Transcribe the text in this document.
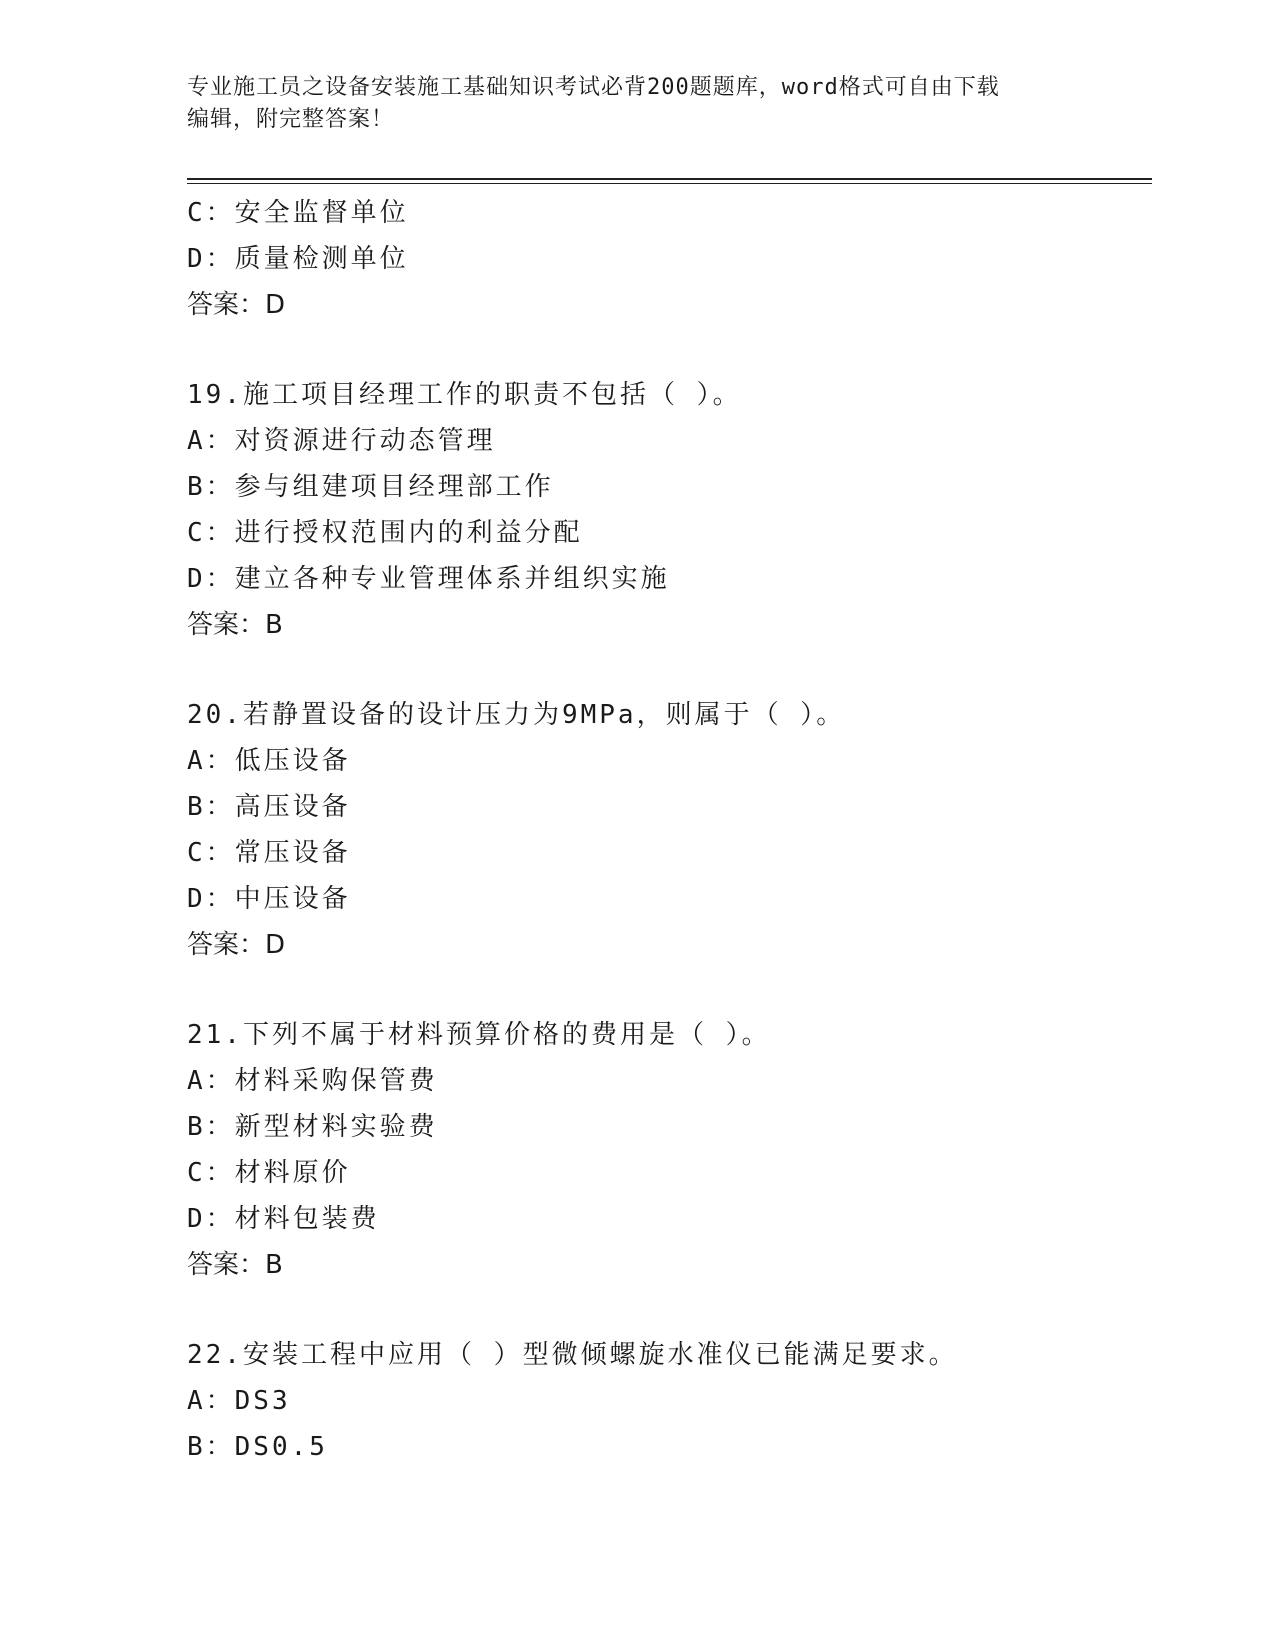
专业施工员之设备安装施工基础知识考试必背200题题库，word格式可自由下载
编辑，附完整答案！
C：安全监督单位
D：质量检测单位
答案：D
19.施工项目经理工作的职责不包括（ ）。
A：对资源进行动态管理
B：参与组建项目经理部工作
C：进行授权范围内的利益分配
D：建立各种专业管理体系并组织实施
答案：B
20.若静置设备的设计压力为9MPa，则属于（ ）。
A：低压设备
B：高压设备
C：常压设备
D：中压设备
答案：D
21.下列不属于材料预算价格的费用是（ ）。
A：材料采购保管费
B：新型材料实验费
C：材料原价
D：材料包装费
答案：B
22.安装工程中应用（ ）型微倾螺旋水准仪已能满足要求。
A：DS3
B：DS0.5
